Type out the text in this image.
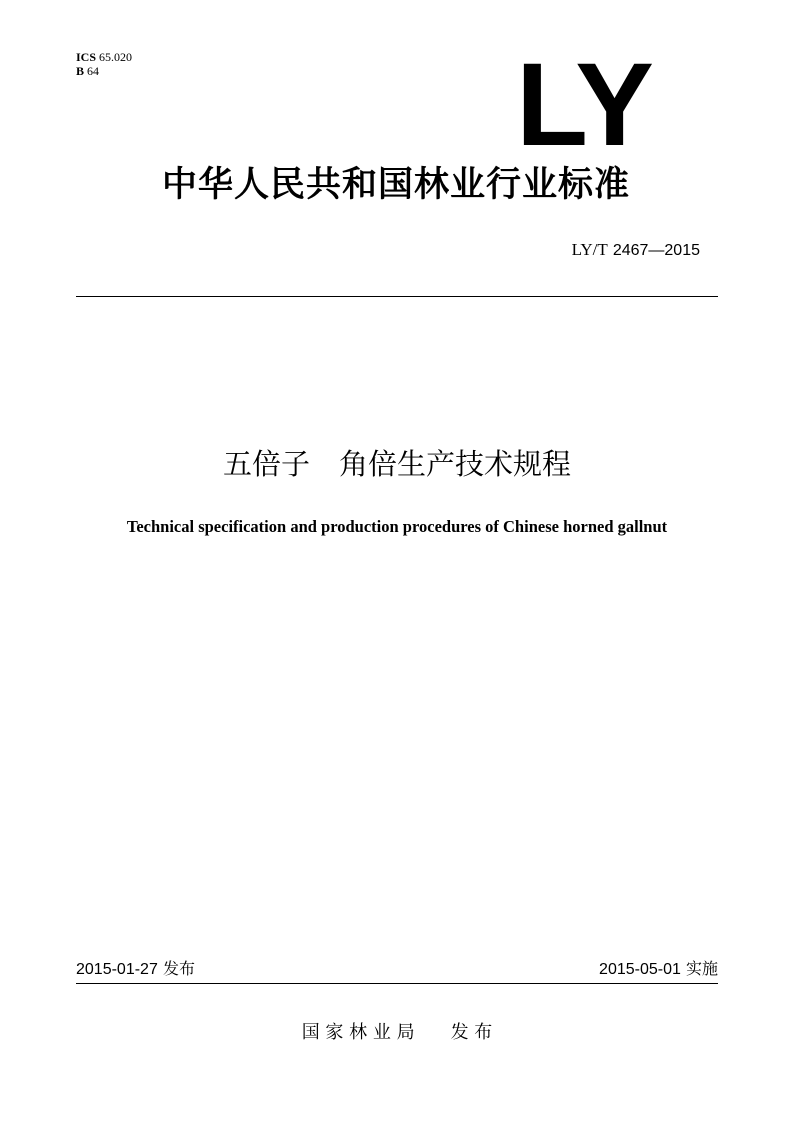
ICS 65.020
B 64	LY
中华人民共和国林业行业标准
LY/T 2467—2015
五倍子　角倍生产技术规程
Technical specification and production procedures of Chinese horned gallnut
2015-01-27 发布	2015-05-01 实施
国 家 林 业 局　　 发 布
